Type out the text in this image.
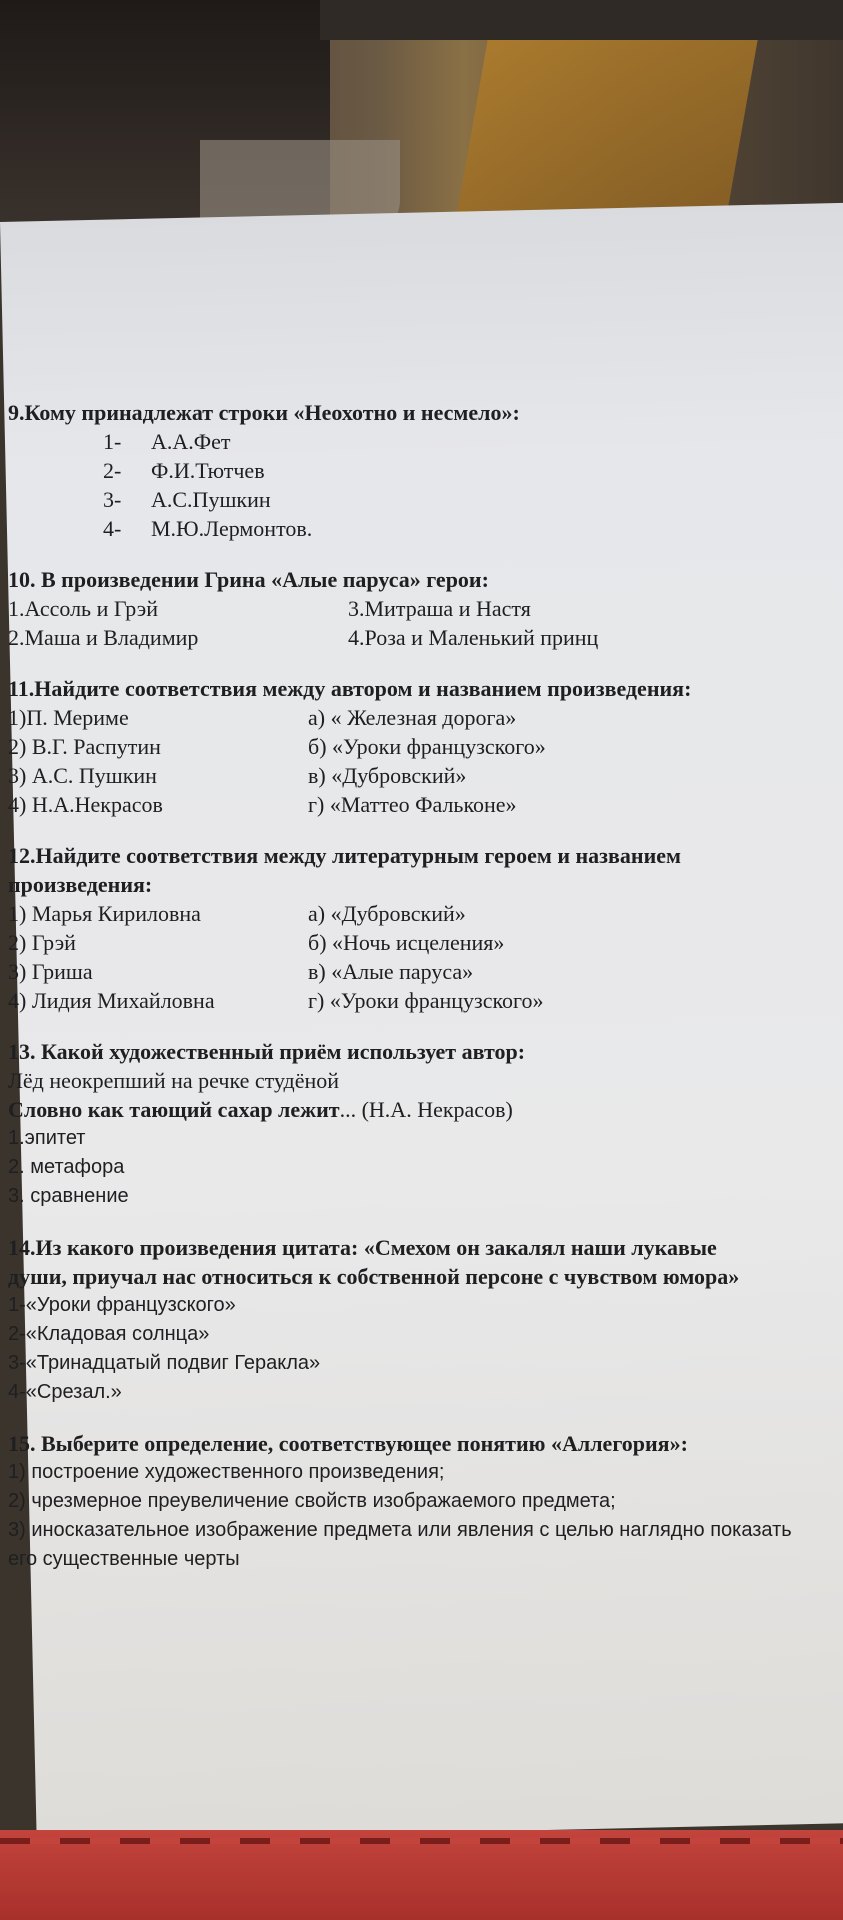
9.Кому принадлежат строки «Неохотно и несмело»:
1- А.А.Фет
2- Ф.И.Тютчев
3- А.С.Пушкин
4- М.Ю.Лермонтов.
10. В произведении Грина «Алые паруса» герои:
1.Ассоль и Грэй	3.Митраша и Настя
2.Маша и Владимир	4.Роза и Маленький принц
11.Найдите соответствия между автором и названием произведения:
1)П. Мериме	а) « Железная дорога»
2) В.Г. Распутин	б) «Уроки французского»
3) А.С. Пушкин	в) «Дубровский»
4) Н.А.Некрасов	г) «Маттео Фальконе»
12.Найдите соответствия между литературным героем и названием
произведения:
1) Марья Кириловна	а) «Дубровский»
2) Грэй	б) «Ночь исцеления»
3) Гриша	в) «Алые паруса»
4) Лидия Михайловна	г) «Уроки французского»
13. Какой художественный приём использует автор:
Лёд неокрепший на речке студёной
Словно как тающий сахар лежит... (Н.А. Некрасов)
1.эпитет
2. метафора
3. сравнение
14.Из какого произведения цитата: «Смехом он закалял наши лукавые
души, приучал нас относиться к собственной персоне с чувством юмора»
1-«Уроки французского»
2-«Кладовая солнца»
3-«Тринадцатый подвиг Геракла»
4-«Срезал.»
15. Выберите определение, соответствующее понятию «Аллегория»:
1) построение художественного произведения;
2) чрезмерное преувеличение свойств изображаемого предмета;
3) иносказательное изображение предмета или явления с целью наглядно показать
его существенные черты
